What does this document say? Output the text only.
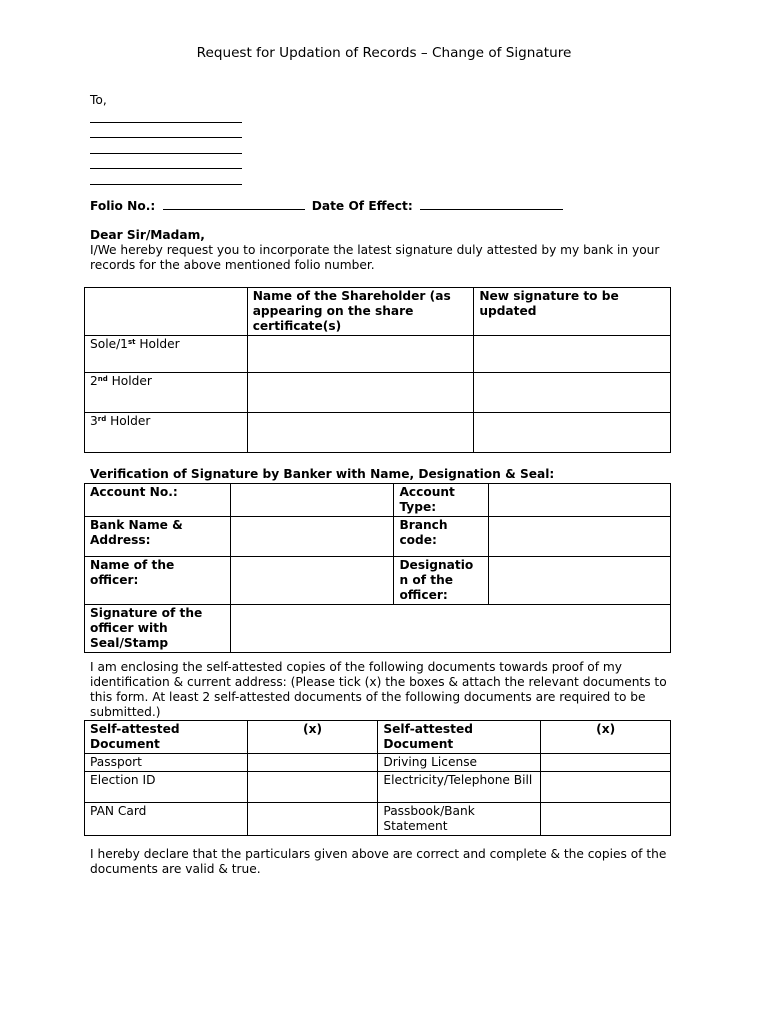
Request for Updation of Records – Change of Signature
To,
Folio No.:	Date Of Effect:
Dear Sir/Madam,
I/We hereby request you to incorporate the latest signature duly attested by my bank in your records for the above mentioned folio number.
	Name of the Shareholder (as appearing on the share certificate(s)	New signature to be updated
Sole/1st Holder		
2nd Holder		
3rd Holder		
Verification of Signature by Banker with Name, Designation & Seal:
Account No.:		Account Type:	
Bank Name & Address:		Branch code:	
Name of the officer:		Designatio n of the officer:	
Signature of the officer with Seal/Stamp			
I am enclosing the self-attested copies of the following documents towards proof of my identification & current address: (Please tick (x) the boxes & attach the relevant documents to this form. At least 2 self-attested documents of the following documents are required to be submitted.)
Self-attested Document	(x)	Self-attested Document	(x)
Passport		Driving License	
Election ID		Electricity/Telephone Bill	
PAN Card		Passbook/Bank Statement	
I hereby declare that the particulars given above are correct and complete & the copies of the documents are valid & true.
